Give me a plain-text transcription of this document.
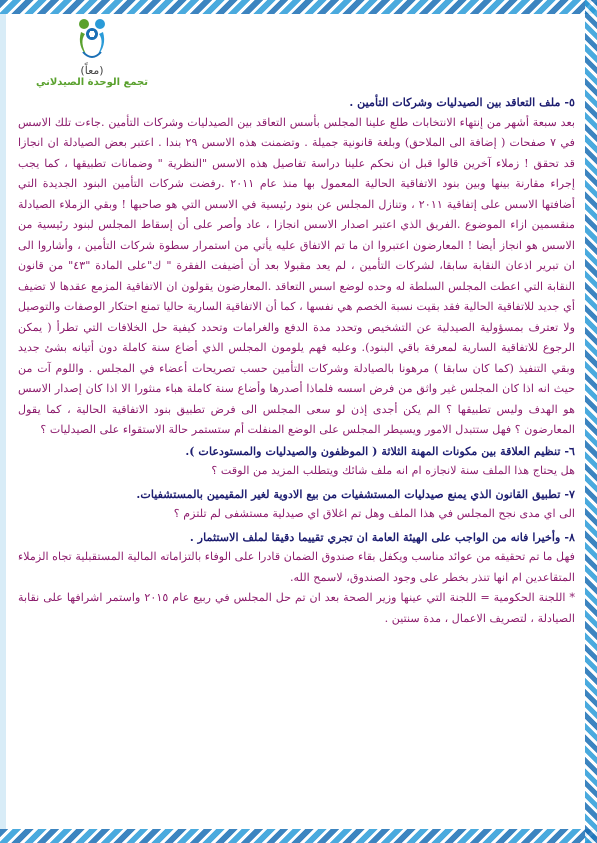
(معاً)
تجمع الوحدة الصيدلاني

٥- ملف التعاقد بين الصيدليات وشركات التأمين .

بعد سبعة أشهر من إنتهاء الانتخابات طلع علينا المجلس بأسس التعاقد بين الصيدليات وشركات التأمين .جاءت تلك الاسس في ٧ صفحات ( إضافة الى الملاحق) وبلغة قانونية جميلة . وتضمنت هذه الاسس ٢٩ بندا . اعتبر بعض الصيادلة ان انجازا قد تحقق ! زملاء آخرين قالوا قبل ان نحكم علينا دراسة تفاصيل هذه الاسس "النظرية " وضمانات تطبيقها ، كما يجب إجراء مقارنة بينها وبين بنود الاتفاقية الحالية المعمول بها منذ عام ٢٠١١ .رفضت شركات التأمين البنود الجديدة التي أضافتها الاسس على إتفاقية ٢٠١١ ، وتنازل المجلس عن بنود رئيسية في الاسس التي هو صاحبها ! وبقي الزملاء الصيادلة منقسمين ازاء الموضوع .الفريق الذي اعتبر اصدار الاسس انجازا ، عاد وأصر على أن إسقاط المجلس لبنود رئيسية من الاسس هو انجاز أيضا ! المعارضون اعتبروا ان ما تم الاتفاق عليه يأتي من استمرار سطوة شركات التأمين ، وأشاروا الى ان تبرير اذعان النقابة سابقا، لشركات التأمين ، لم يعد مقبولا بعد أن أضيفت الفقرة " ك"على المادة "٤٣" من قانون النقابة التي اعطت المجلس السلطة له وحده لوضع اسس التعاقد .المعارضون يقولون ان الاتفاقية المزمع عقدها لا تضيف أي جديد للاتفاقية الحالية فقد بقيت نسبة الخصم هي نفسها ، كما أن الاتفاقية السارية حاليا تمنع احتكار الوصفات والتوصيل ولا تعترف بمسؤولية الصيدلية عن التشخيص وتحدد مدة الدفع والغرامات وتحدد كيفية حل الخلافات التي تطرأ ( يمكن الرجوع للاتفاقية السارية لمعرفة باقي البنود). وعليه فهم يلومون المجلس الذي أضاع سنة كاملة دون أتيانه بشئ جديد وبقي التنفيذ (كما كان سابقا ) مرهونا بالصيادلة وشركات التأمين حسب تصريحات أعضاء في المجلس . واللوم آت من حيث انه اذا كان المجلس غير واثق من فرض اسسه فلماذا أصدرها وأضاع سنة كاملة هباء منثورا الا اذا كان إصدار الاسس هو الهدف وليس تطبيقها ؟ الم يكن أجدى إذن لو سعى المجلس الى فرض تطبيق بنود الاتفاقية الحالية ، كما يقول المعارضون ؟ فهل ستتبدل الامور ويسيطر المجلس على الوضع المنفلت أم ستستمر حالة الاستقواء على الصيدليات ؟

٦- تنظيم العلاقة بين مكونات المهنة الثلاثة ( الموظفون والصيدليات والمستودعات ).

هل يحتاج هذا الملف سنة لانجازه ام انه ملف شائك ويتطلب المزيد من الوقت ؟

٧- تطبيق القانون الذي يمنع صيدليات المستشفيات من بيع الادوية لغير المقيمين بالمستشفيات.

الى اي مدى نجح المجلس في هذا الملف وهل تم اغلاق اي صيدلية مستشفى لم تلتزم ؟

٨- وأخيرا فانه من الواجب على الهيئة العامة ان تجري تقييما دقيقا لملف الاستثمار .

فهل ما تم تحقيقه من عوائد مناسب ويكفل بقاء صندوق الضمان قادرا على الوفاء بالتزاماته المالية المستقبلية تجاه الزملاء المتقاعدين ام انها تنذر بخطر على وجود الصندوق، لاسمح الله.

* اللجنة الحكومية = اللجنة التي عينها وزير الصحة بعد ان تم حل المجلس في ربيع عام ٢٠١٥ واستمر اشرافها على نقابة الصيادلة ، لتصريف الاعمال ، مدة سنتين .
